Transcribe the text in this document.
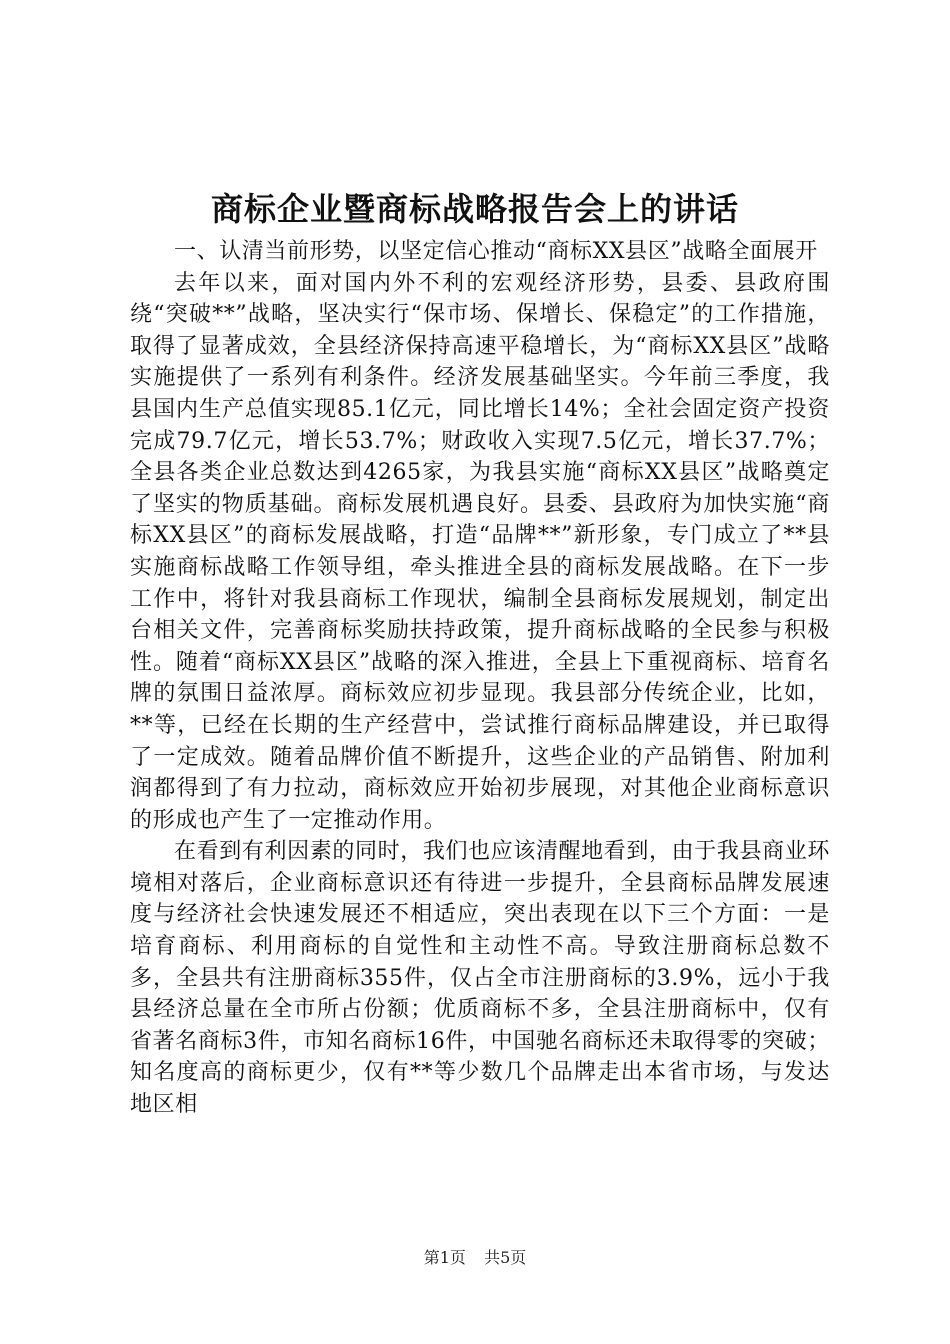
商标企业暨商标战略报告会上的讲话

一、认清当前形势，以坚定信心推动“商标XX县区”战略全面展开

去年以来，面对国内外不利的宏观经济形势，县委、县政府围绕“突破**”战略，坚决实行“保市场、保增长、保稳定”的工作措施，取得了显著成效，全县经济保持高速平稳增长，为“商标XX县区”战略实施提供了一系列有利条件。经济发展基础坚实。今年前三季度，我县国内生产总值实现85.1亿元，同比增长14%；全社会固定资产投资完成79.7亿元，增长53.7%；财政收入实现7.5亿元，增长37.7%；全县各类企业总数达到4265家，为我县实施“商标XX县区”战略奠定了坚实的物质基础。商标发展机遇良好。县委、县政府为加快实施“商标XX县区”的商标发展战略，打造“品牌**”新形象，专门成立了**县实施商标战略工作领导组，牵头推进全县的商标发展战略。在下一步工作中，将针对我县商标工作现状，编制全县商标发展规划，制定出台相关文件，完善商标奖励扶持政策，提升商标战略的全民参与积极性。随着“商标XX县区”战略的深入推进，全县上下重视商标、培育名牌的氛围日益浓厚。商标效应初步显现。我县部分传统企业，比如，**等，已经在长期的生产经营中，尝试推行商标品牌建设，并已取得了一定成效。随着品牌价值不断提升，这些企业的产品销售、附加利润都得到了有力拉动，商标效应开始初步展现，对其他企业商标意识的形成也产生了一定推动作用。

在看到有利因素的同时，我们也应该清醒地看到，由于我县商业环境相对落后，企业商标意识还有待进一步提升，全县商标品牌发展速度与经济社会快速发展还不相适应，突出表现在以下三个方面：一是培育商标、利用商标的自觉性和主动性不高。导致注册商标总数不多，全县共有注册商标355件，仅占全市注册商标的3.9%，远小于我县经济总量在全市所占份额；优质商标不多，全县注册商标中，仅有省著名商标3件，市知名商标16件，中国驰名商标还未取得零的突破；知名度高的商标更少，仅有**等少数几个品牌走出本省市场，与发达地区相

第1页 共5页
